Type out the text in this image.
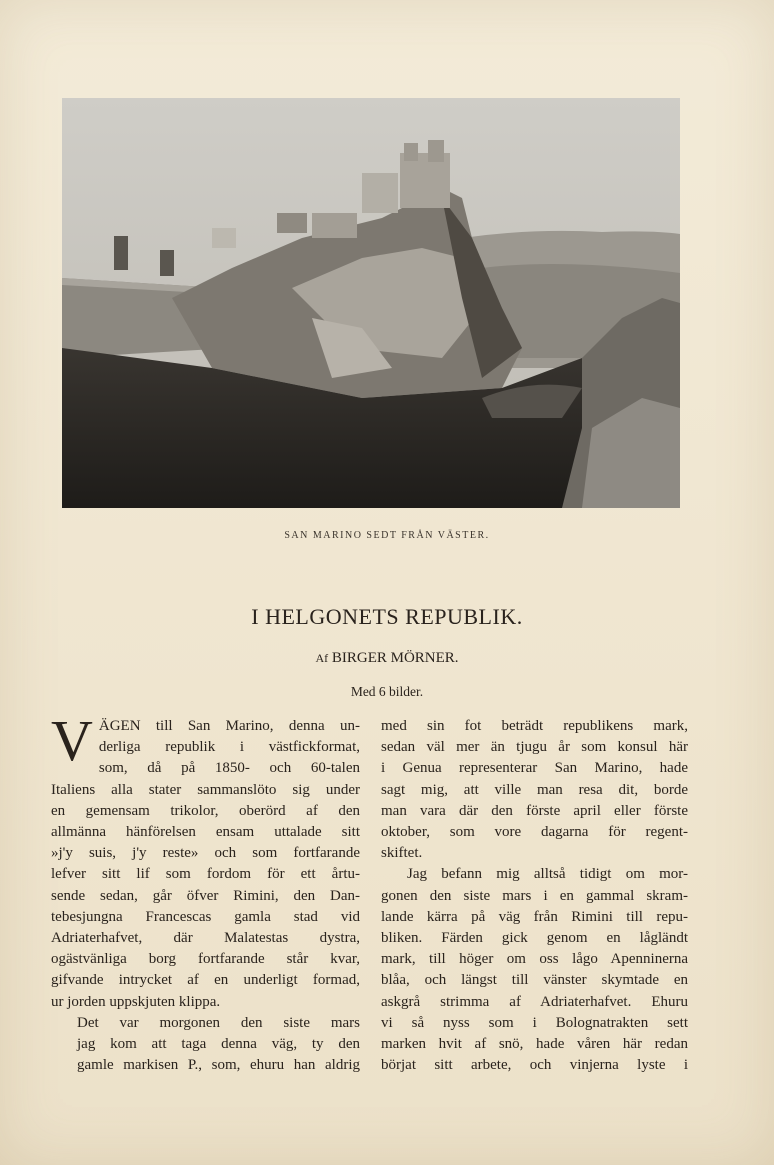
SAN MARINO SEDT FRÅN VÄSTER.
I HELGONETS REPUBLIK.
Af BIRGER MÖRNER.
Med 6 bilder.

V ÄGEN till San Marino, denna un-
derliga republik i västfickformat,
som, då på 1850- och 60-talen
Italiens alla stater sammanslöto sig under
en gemensam trikolor, oberörd af den
allmänna hänförelsen ensam uttalade sitt
»j'y suis, j'y reste» och som fortfarande
lefver sitt lif som fordom för ett årtu-
sende sedan, går öfver Rimini, den Dan-
tebesjungna Francescas gamla stad vid
Adriaterhafvet, där Malatestas dystra,
ogästvänliga borg fortfarande står kvar,
gifvande intrycket af en underligt formad,
ur jorden uppskjuten klippa.

Det var morgonen den siste mars
jag kom att taga denna väg, ty den
gamle markisen P., som, ehuru han aldrig

med sin fot beträdt republikens mark,
sedan väl mer än tjugu år som konsul här
i Genua representerar San Marino, hade
sagt mig, att ville man resa dit, borde
man vara där den förste april eller förste
oktober, som vore dagarna för regent-
skiftet.

Jag befann mig alltså tidigt om mor-
gonen den siste mars i en gammal skram-
lande kärra på väg från Rimini till repu-
bliken. Färden gick genom en lågländt
mark, till höger om oss lågo Apenninerna
blåa, och längst till vänster skymtade en
askgrå strimma af Adriaterhafvet. Ehuru
vi så nyss som i Bolognatrakten sett
marken hvit af snö, hade våren här redan
börjat sitt arbete, och vinjerna lyste i
